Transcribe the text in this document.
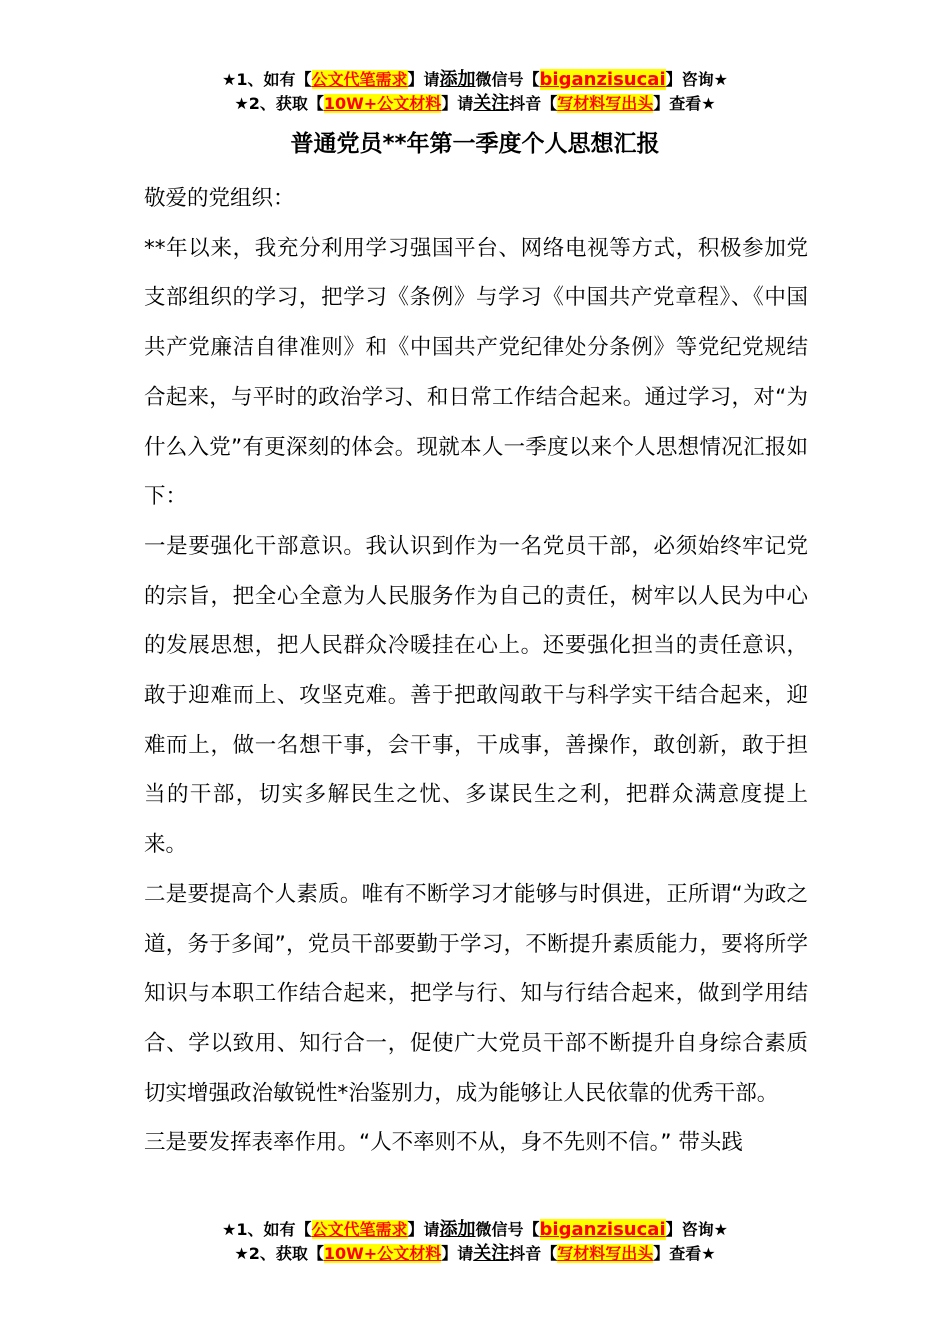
★1、如有【公文代笔需求】请添加微信号【biganzisucai】咨询★
★2、获取【10W+公文材料】请关注抖音【写材料写出头】查看★
普通党员**年第一季度个人思想汇报

敬爱的党组织：

**年以来，我充分利用学习强国平台、网络电视等方式，积极参加党支部组织的学习，把学习《条例》与学习《中国共产党章程》、《中国共产党廉洁自律准则》和《中国共产党纪律处分条例》等党纪党规结合起来，与平时的政治学习、和日常工作结合起来。通过学习，对“为什么入党”有更深刻的体会。现就本人一季度以来个人思想情况汇报如下：

一是要强化干部意识。我认识到作为一名党员干部，必须始终牢记党的宗旨，把全心全意为人民服务作为自己的责任，树牢以人民为中心的发展思想，把人民群众冷暖挂在心上。还要强化担当的责任意识，敢于迎难而上、攻坚克难。善于把敢闯敢干与科学实干结合起来，迎难而上，做一名想干事，会干事，干成事，善操作，敢创新，敢于担当的干部，切实多解民生之忧、多谋民生之利，把群众满意度提上来。

二是要提高个人素质。唯有不断学习才能够与时俱进，正所谓“为政之道，务于多闻”，党员干部要勤于学习，不断提升素质能力，要将所学知识与本职工作结合起来，把学与行、知与行结合起来，做到学用结合、学以致用、知行合一，促使广大党员干部不断提升自身综合素质切实增强政治敏锐性*治鉴别力，成为能够让人民依靠的优秀干部。

三是要发挥表率作用。“人不率则不从，身不先则不信。” 带头践

★1、如有【公文代笔需求】请添加微信号【biganzisucai】咨询★
★2、获取【10W+公文材料】请关注抖音【写材料写出头】查看★
